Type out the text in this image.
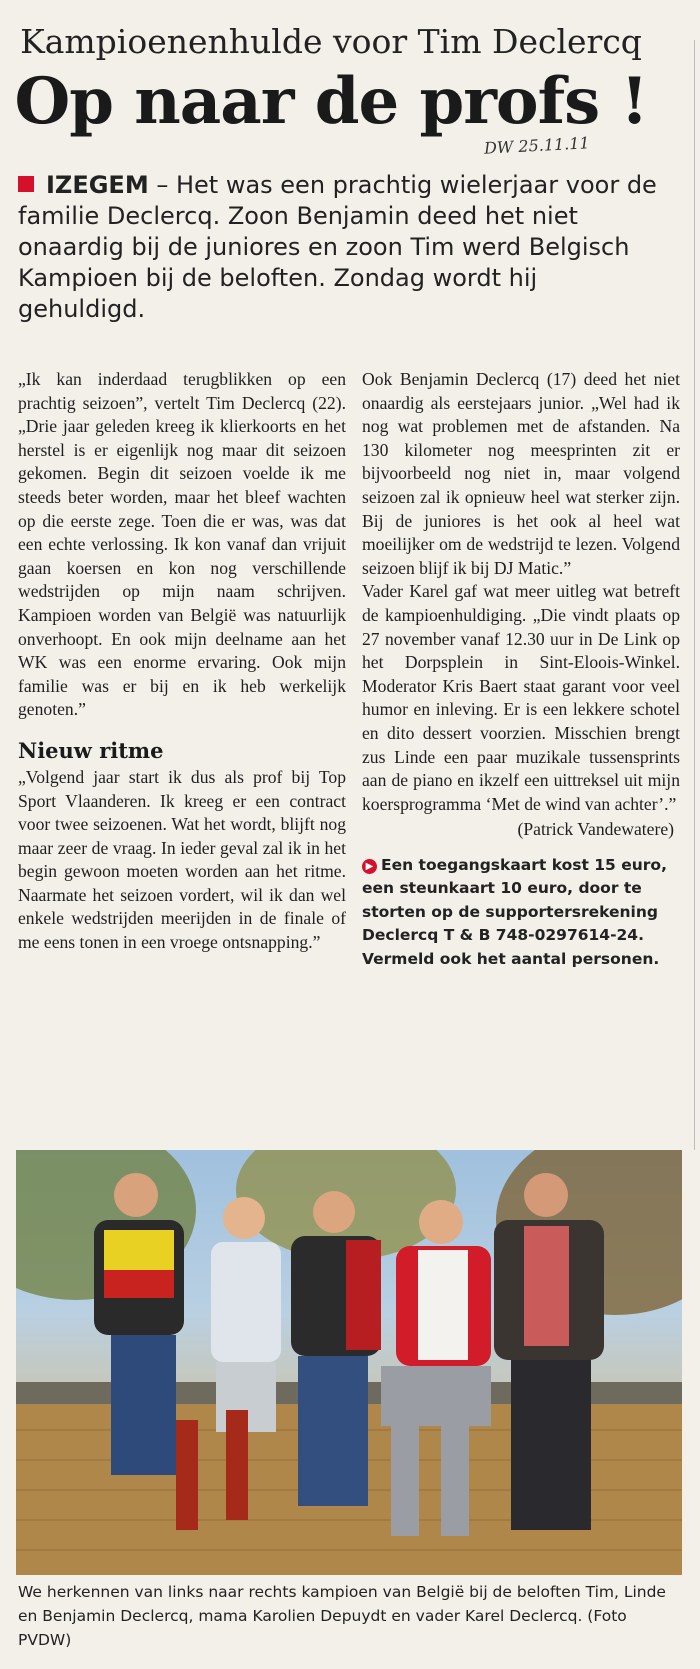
Kampioenenhulde voor Tim Declercq
Op naar de profs !
DW 25.11.11
IZEGEM – Het was een prachtig wielerjaar voor de familie Declercq. Zoon Benjamin deed het niet onaardig bij de juniores en zoon Tim werd Belgisch Kampioen bij de beloften. Zondag wordt hij gehuldigd.
„Ik kan inderdaad terugblikken op een prachtig seizoen”, vertelt Tim Declercq (22). „Drie jaar geleden kreeg ik klierkoorts en het herstel is er eigenlijk nog maar dit seizoen gekomen. Begin dit seizoen voelde ik me steeds beter worden, maar het bleef wachten op die eerste zege. Toen die er was, was dat een echte verlossing. Ik kon vanaf dan vrijuit gaan koersen en kon nog verschillende wedstrijden op mijn naam schrijven. Kampioen worden van België was natuurlijk onverhoopt. En ook mijn deelname aan het WK was een enorme ervaring. Ook mijn familie was er bij en ik heb werkelijk genoten.”
Nieuw ritme
„Volgend jaar start ik dus als prof bij Top Sport Vlaanderen. Ik kreeg er een contract voor twee seizoenen. Wat het wordt, blijft nog maar zeer de vraag. In ieder geval zal ik in het begin gewoon moeten worden aan het ritme. Naarmate het seizoen vordert, wil ik dan wel enkele wedstrijden meerijden in de finale of me eens tonen in een vroege ontsnapping.”
Ook Benjamin Declercq (17) deed het niet onaardig als eerstejaars junior. „Wel had ik nog wat problemen met de afstanden. Na 130 kilometer nog meesprinten zit er bijvoorbeeld nog niet in, maar volgend seizoen zal ik opnieuw heel wat sterker zijn. Bij de juniores is het ook al heel wat moeilijker om de wedstrijd te lezen. Volgend seizoen blijf ik bij DJ Matic.”
Vader Karel gaf wat meer uitleg wat betreft de kampioenhuldiging. „Die vindt plaats op 27 november vanaf 12.30 uur in De Link op het Dorpsplein in Sint-Eloois-Winkel. Moderator Kris Baert staat garant voor veel humor en inleving. Er is een lekkere schotel en dito dessert voorzien. Misschien brengt zus Linde een paar muzikale tussensprints aan de piano en ikzelf een uittreksel uit mijn koersprogramma ‘Met de wind van achter’.”
(Patrick Vandewatere)
▶ Een toegangskaart kost 15 euro, een steunkaart 10 euro, door te storten op de supportersrekening Declercq T & B 748-0297614-24. Vermeld ook het aantal personen.
We herkennen van links naar rechts kampioen van België bij de beloften Tim, Linde en Benjamin Declercq, mama Karolien Depuydt en vader Karel Declercq. (Foto PVDW)
